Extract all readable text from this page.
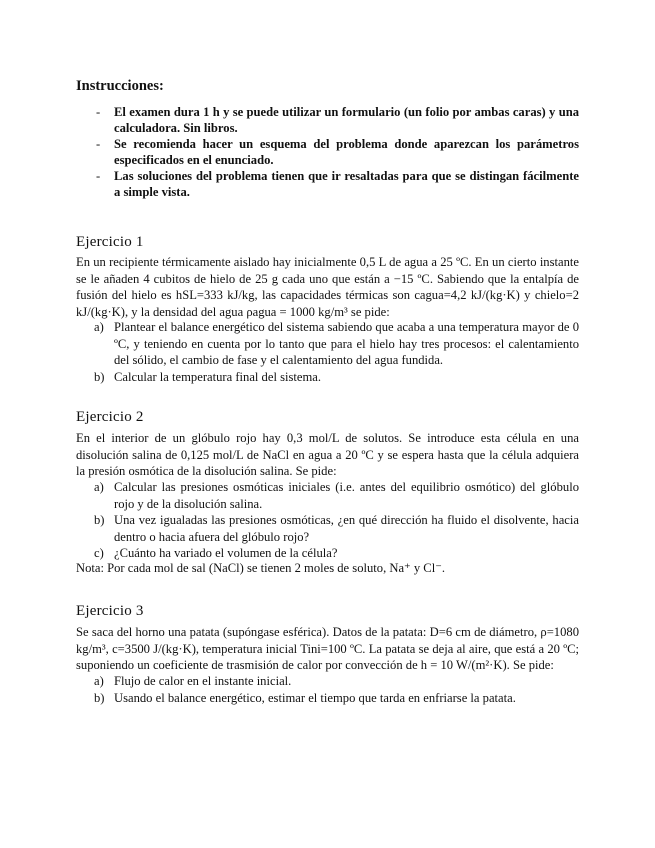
Instrucciones:
- El examen dura 1 h y se puede utilizar un formulario (un folio por ambas caras) y una calculadora. Sin libros.
- Se recomienda hacer un esquema del problema donde aparezcan los parámetros especificados en el enunciado.
- Las soluciones del problema tienen que ir resaltadas para que se distingan fácilmente a simple vista.
Ejercicio 1

En un recipiente térmicamente aislado hay inicialmente 0,5 L de agua a 25 ºC. En un cierto instante se le añaden 4 cubitos de hielo de 25 g cada uno que están a −15 ºC. Sabiendo que la entalpía de fusión del hielo es hSL=333 kJ/kg, las capacidades térmicas son cagua=4,2 kJ/(kg·K) y chielo=2 kJ/(kg·K), y la densidad del agua ρagua = 1000 kg/m³ se pide:

a) Plantear el balance energético del sistema sabiendo que acaba a una temperatura mayor de 0 ºC, y teniendo en cuenta por lo tanto que para el hielo hay tres procesos: el calentamiento del sólido, el cambio de fase y el calentamiento del agua fundida.
b) Calcular la temperatura final del sistema.
Ejercicio 2

En el interior de un glóbulo rojo hay 0,3 mol/L de solutos. Se introduce esta célula en una disolución salina de 0,125 mol/L de NaCl en agua a 20 ºC y se espera hasta que la célula adquiera la presión osmótica de la disolución salina. Se pide:

a) Calcular las presiones osmóticas iniciales (i.e. antes del equilibrio osmótico) del glóbulo rojo y de la disolución salina.
b) Una vez igualadas las presiones osmóticas, ¿en qué dirección ha fluido el disolvente, hacia dentro o hacia afuera del glóbulo rojo?
c) ¿Cuánto ha variado el volumen de la célula?

Nota: Por cada mol de sal (NaCl) se tienen 2 moles de soluto, Na⁺ y Cl⁻.

Ejercicio 3

Se saca del horno una patata (supóngase esférica). Datos de la patata: D=6 cm de diámetro, ρ=1080 kg/m³, c=3500 J/(kg·K), temperatura inicial Tini=100 ºC. La patata se deja al aire, que está a 20 ºC; suponiendo un coeficiente de trasmisión de calor por convección de h = 10 W/(m²·K). Se pide:

a) Flujo de calor en el instante inicial.
b) Usando el balance energético, estimar el tiempo que tarda en enfriarse la patata.
